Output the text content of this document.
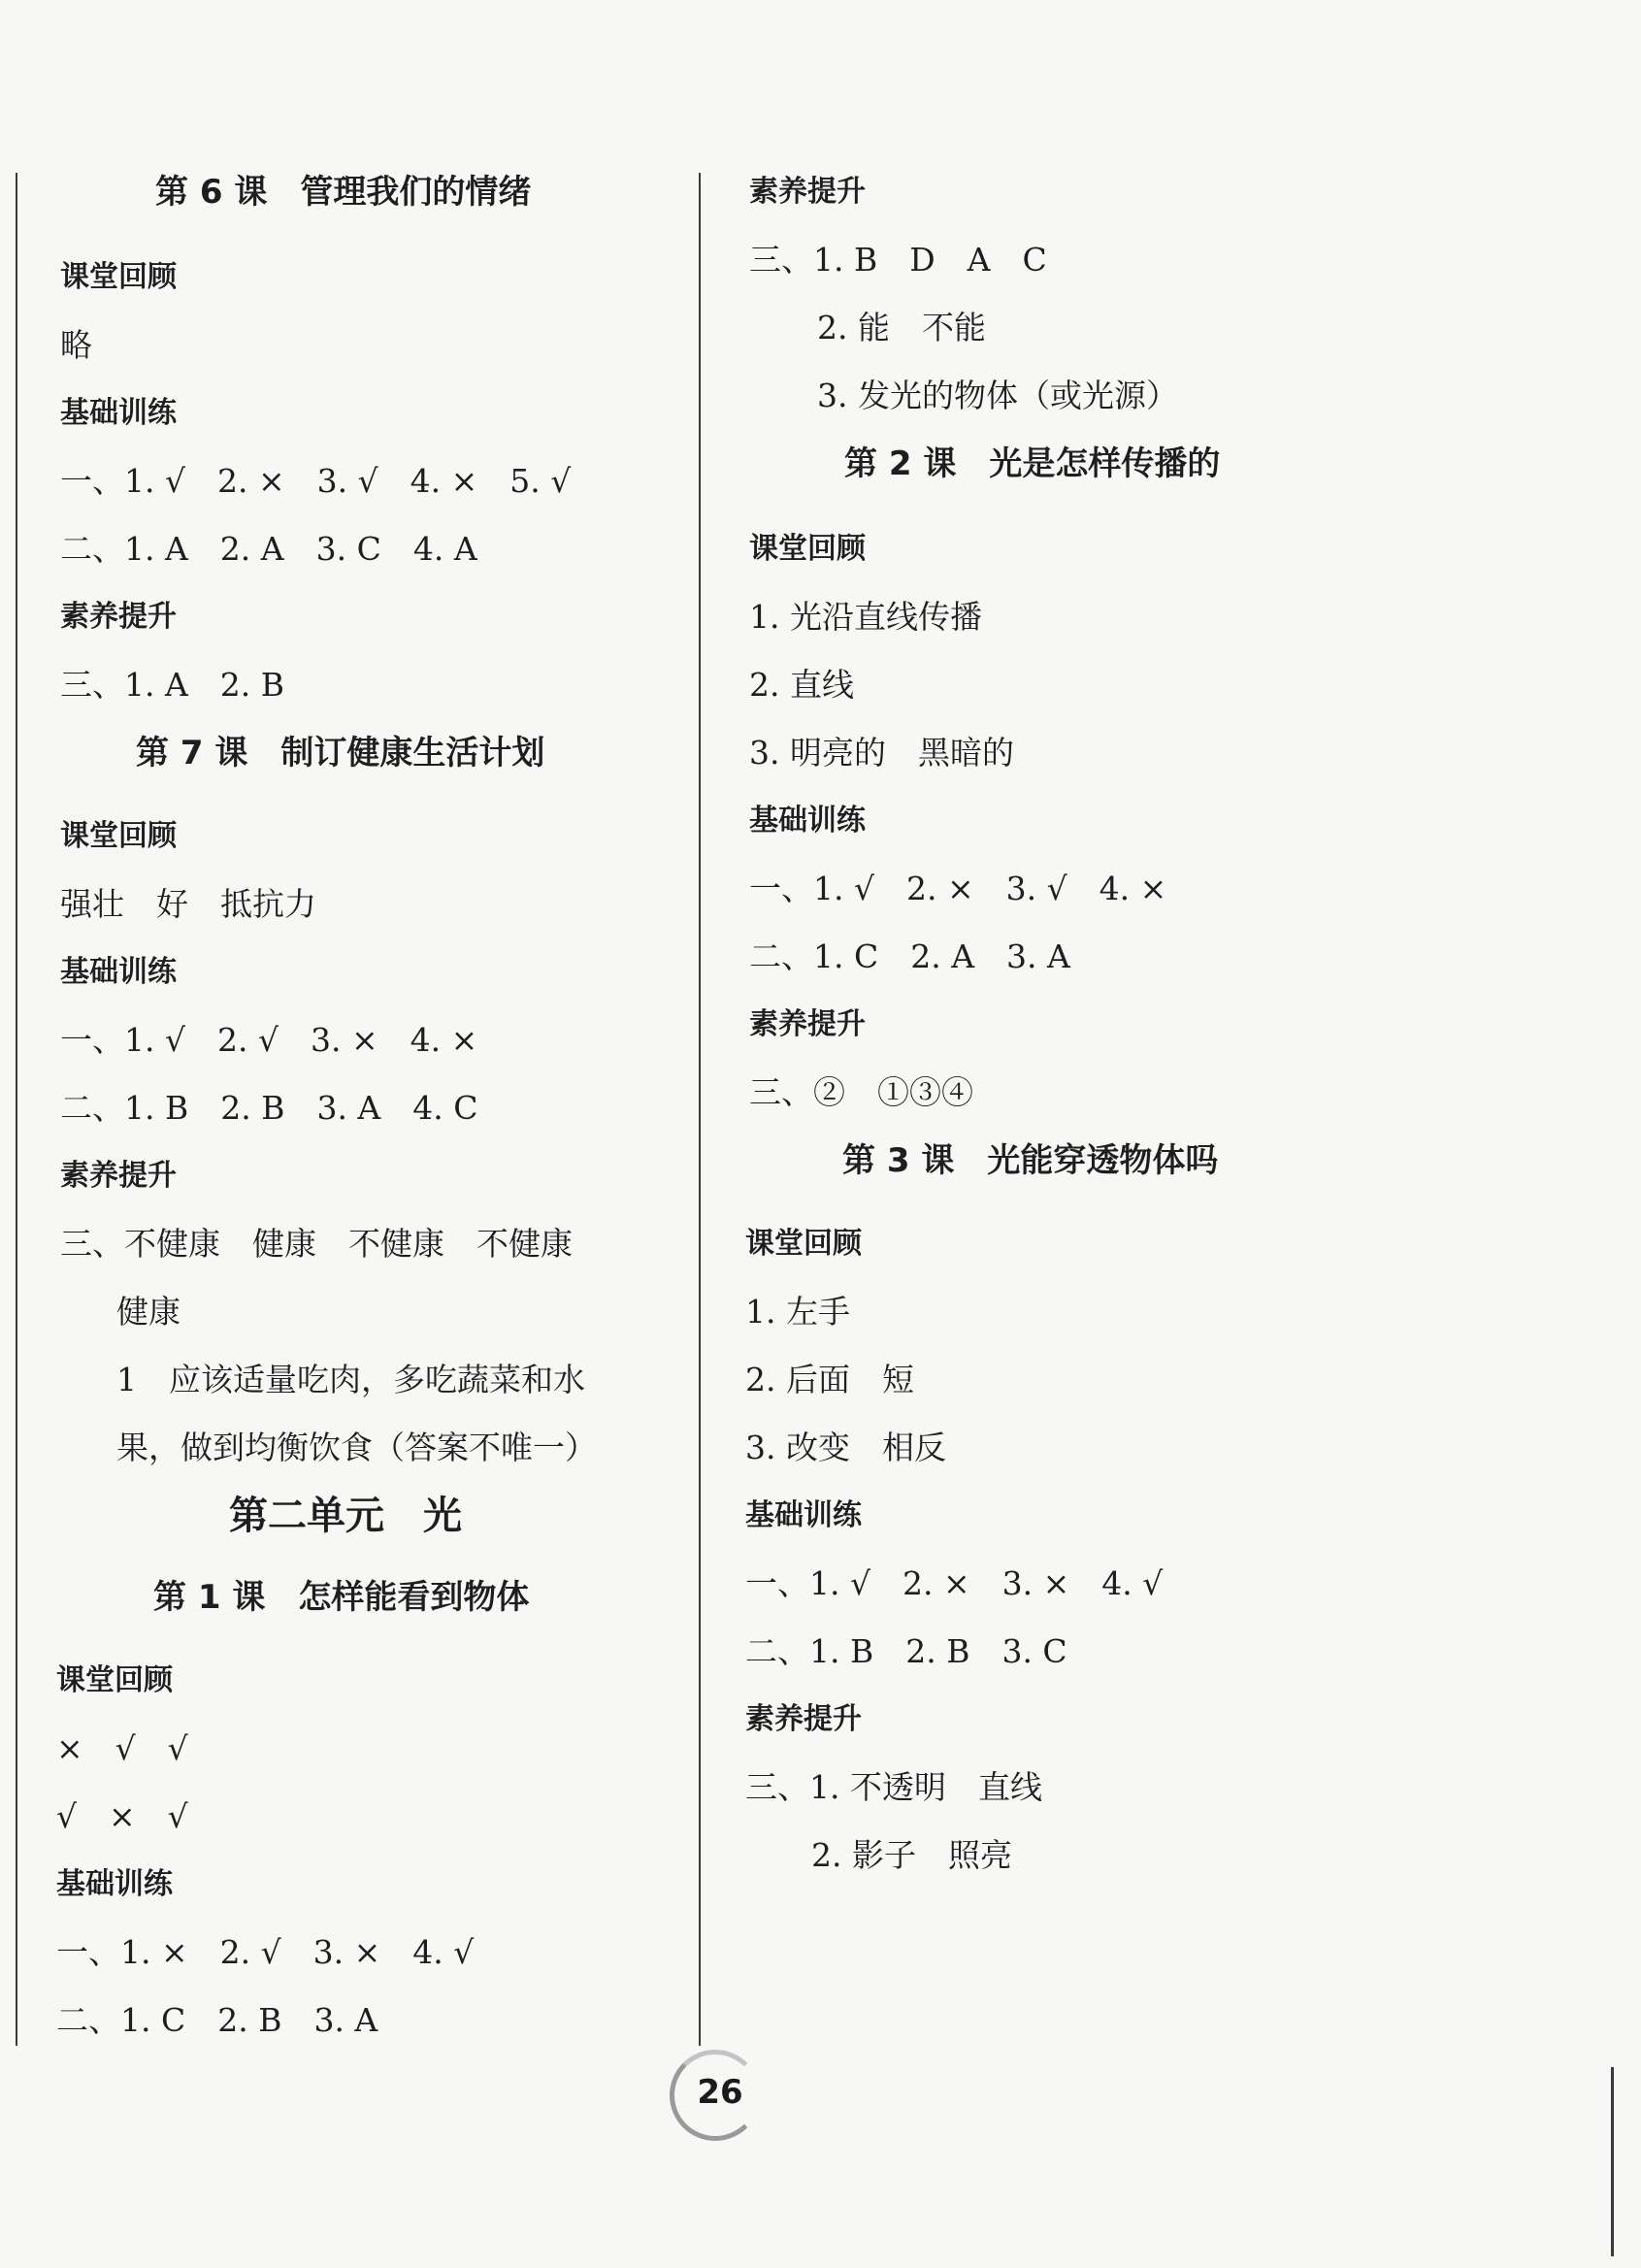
第 6 课　管理我们的情绪
课堂回顾
略
基础训练
一、1. √　2. ×　3. √　4. ×　5. √
二、1. A　2. A　3. C　4. A
素养提升
三、1. A　2. B
第 7 课　制订健康生活计划
课堂回顾
强壮　好　抵抗力
基础训练
一、1. √　2. √　3. ×　4. ×
二、1. B　2. B　3. A　4. C
素养提升
三、不健康　健康　不健康　不健康
健康
1　应该适量吃肉，多吃蔬菜和水
果，做到均衡饮食（答案不唯一）
第二单元　光
第 1 课　怎样能看到物体
课堂回顾
×　√　√
√　×　√
基础训练
一、1. ×　2. √　3. ×　4. √
二、1. C　2. B　3. A
素养提升
三、1. B　D　A　C
2. 能　不能
3. 发光的物体（或光源）
第 2 课　光是怎样传播的
课堂回顾
1. 光沿直线传播
2. 直线
3. 明亮的　黑暗的
基础训练
一、1. √　2. ×　3. √　4. ×
二、1. C　2. A　3. A
素养提升
三、②　①③④
第 3 课　光能穿透物体吗
课堂回顾
1. 左手
2. 后面　短
3. 改变　相反
基础训练
一、1. √　2. ×　3. ×　4. √
二、1. B　2. B　3. C
素养提升
三、1. 不透明　直线
2. 影子　照亮
26
